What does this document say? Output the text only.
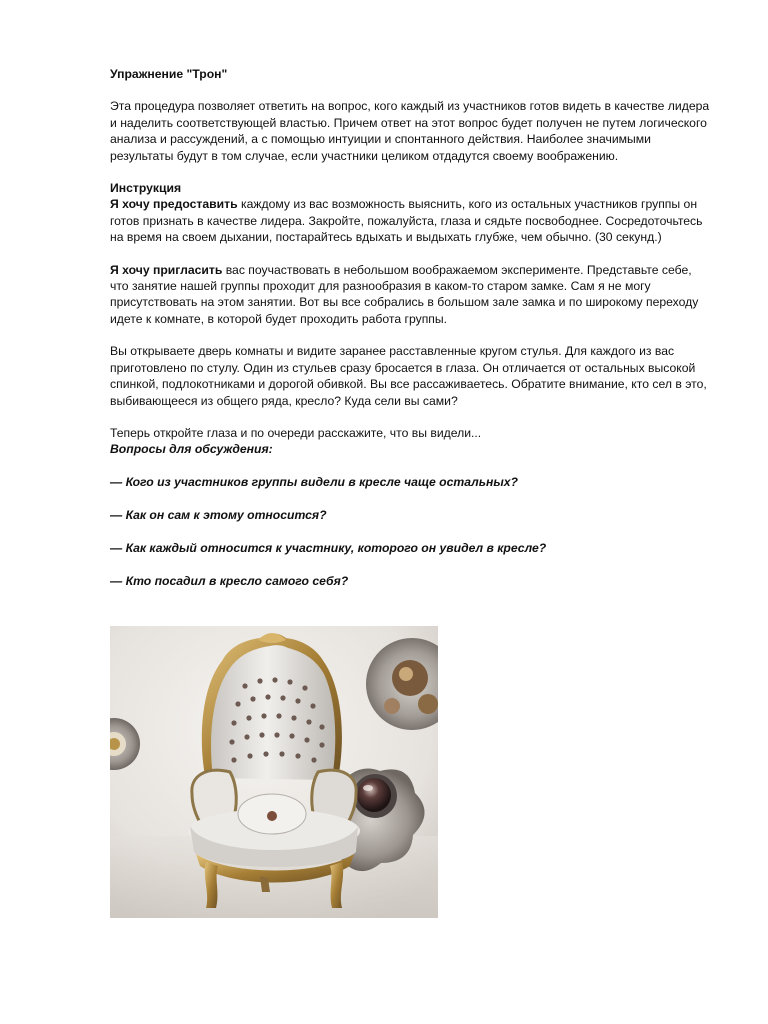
Упражнение "Трон"

Эта процедура позволяет ответить на вопрос, кого каждый из участников готов видеть в качестве лидера и наделить соответствующей властью. Причем ответ на этот вопрос будет получен не путем логического анализа и рассуждений, а с помощью интуиции и спонтанного действия. Наиболее значимыми результаты будут в том случае, если участники целиком отдадутся своему воображению.

Инструкция

Я хочу предоставить каждому из вас возможность выяснить, кого из остальных участников группы он готов признать в качестве лидера. Закройте, пожалуйста, глаза и сядьте посвободнее. Сосредоточьтесь на время на своем дыхании, постарайтесь вдыхать и выдыхать глубже, чем обычно. (30 секунд.)

Я хочу пригласить вас поучаствовать в небольшом воображаемом эксперименте. Представьте себе, что занятие нашей группы проходит для разнообразия в каком-то старом замке. Сам я не могу присутствовать на этом занятии. Вот вы все собрались в большом зале замка и по широкому переходу идете к комнате, в которой будет проходить работа группы.

Вы открываете дверь комнаты и видите заранее расставленные кругом стулья. Для каждого из вас приготовлено по стулу. Один из стульев сразу бросается в глаза. Он отличается от остальных высокой спинкой, подлокотниками и дорогой обивкой. Вы все рассаживаетесь. Обратите внимание, кто сел в это, выбивающееся из общего ряда, кресло? Куда сели вы сами?

Теперь откройте глаза и по очереди расскажите, что вы видели...
Вопросы для обсуждения:
— Кого из участников группы видели в кресле чаще остальных?
— Как он сам к этому относится?
— Как каждый относится к участнику, которого он увидел в кресле?
— Кто посадил в кресло самого себя?
